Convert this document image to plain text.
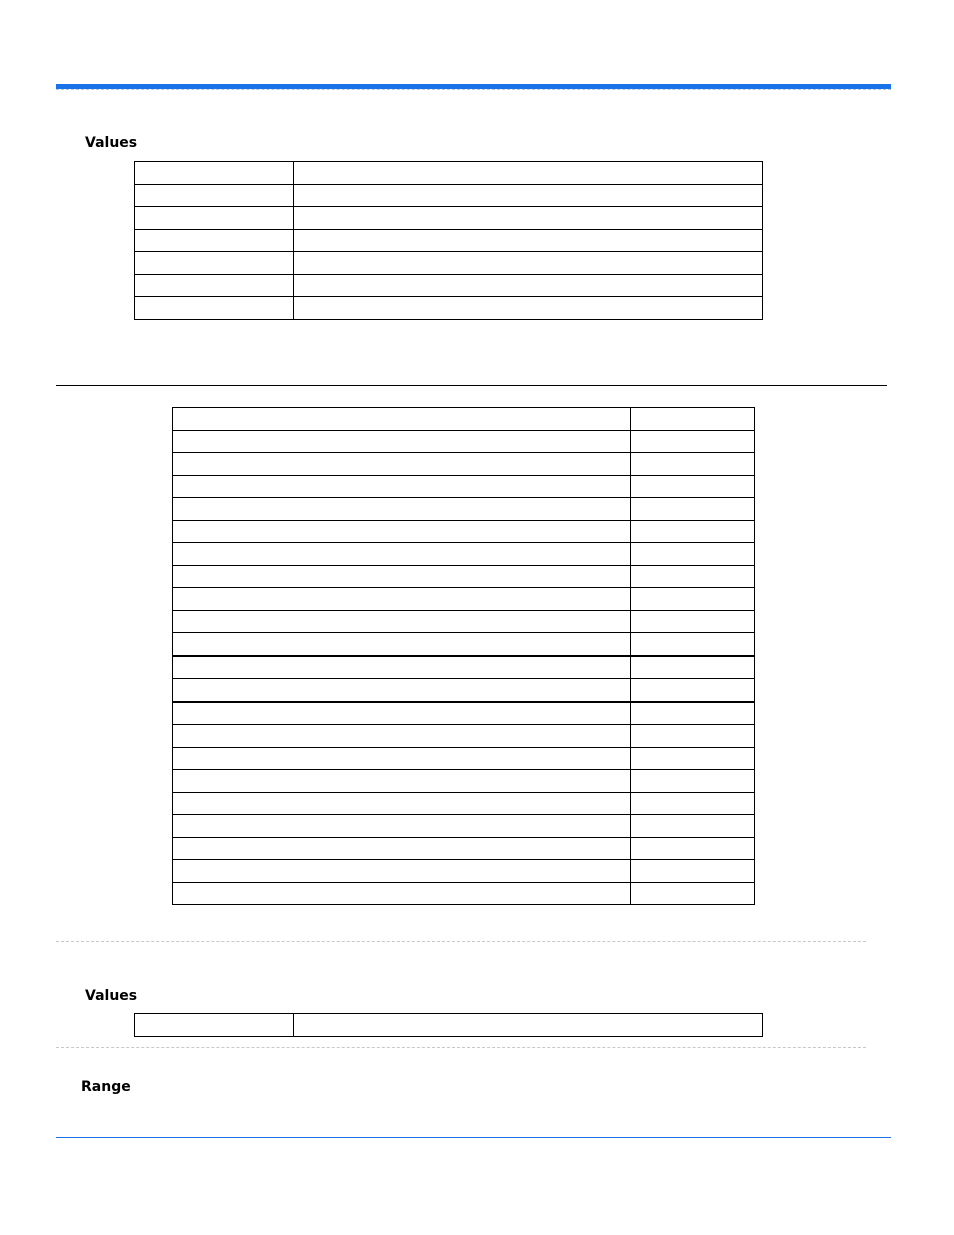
Values

Values

Range
